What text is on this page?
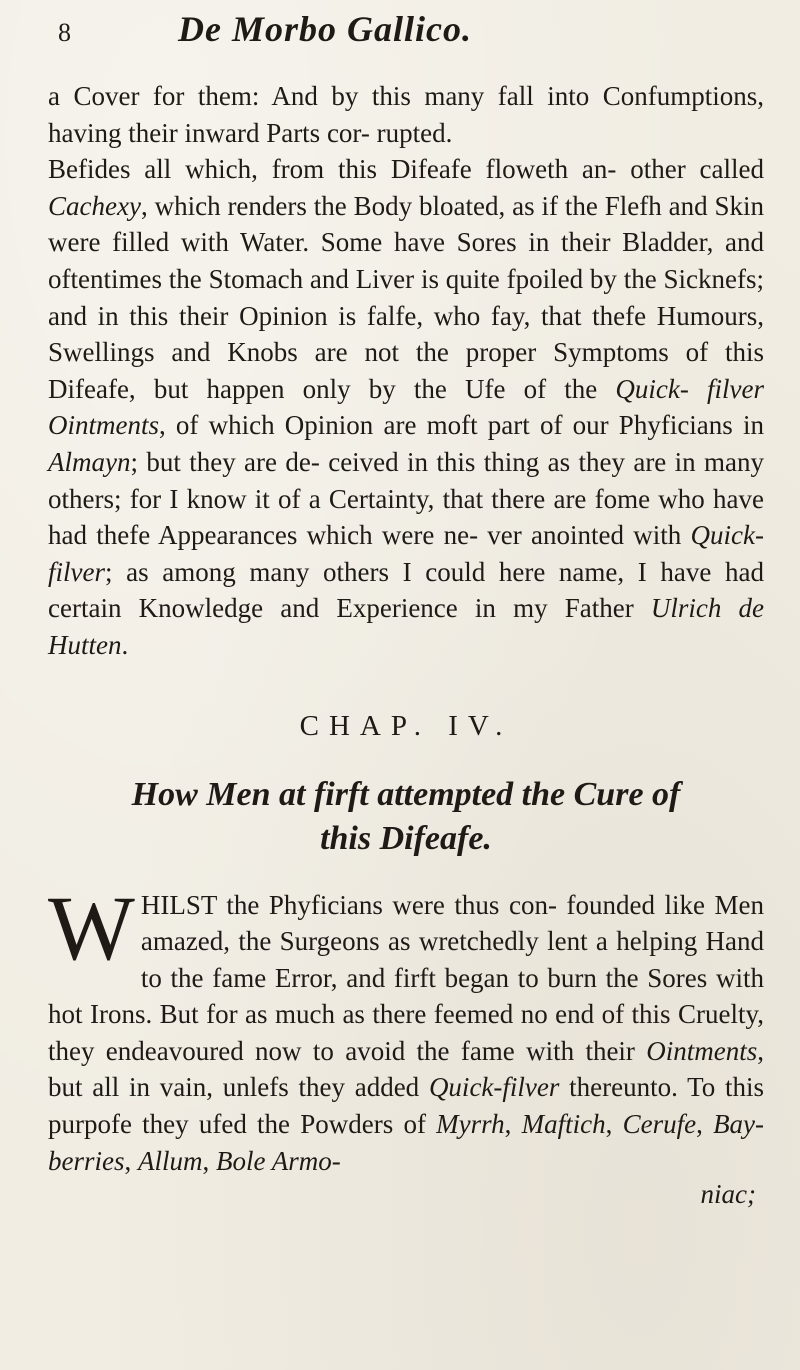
8	De Morbo Gallico.

a Cover for them: And by this many fall into Confumptions, having their inward Parts cor- rupted.

Befides all which, from this Difeafe floweth an- other called Cachexy, which renders the Body bloated, as if the Flefh and Skin were filled with Water. Some have Sores in their Bladder, and oftentimes the Stomach and Liver is quite fpoiled by the Sicknefs; and in this their Opinion is falfe, who fay, that thefe Humours, Swellings and Knobs are not the proper Symptoms of this Difeafe, but happen only by the Ufe of the Quick- filver Ointments, of which Opinion are moft part of our Phyficians in Almayn; but they are de- ceived in this thing as they are in many others; for I know it of a Certainty, that there are fome who have had thefe Appearances which were ne- ver anointed with Quick-filver; as among many others I could here name, I have had certain Knowledge and Experience in my Father Ulrich de Hutten.

CHAP. IV.
How Men at firft attempted the Cure of
this Difeafe.

WHILST the Phyficians were thus con- founded like Men amazed, the Surgeons as wretchedly lent a helping Hand to the fame Error, and firft began to burn the Sores with hot Irons. But for as much as there feemed no end of this Cruelty, they endeavoured now to avoid the fame with their Ointments, but all in vain, unlefs they added Quick-filver thereunto. To this purpofe they ufed the Powders of Myrrh, Maftich, Cerufe, Bay-berries, Allum, Bole Armo-

niac;
